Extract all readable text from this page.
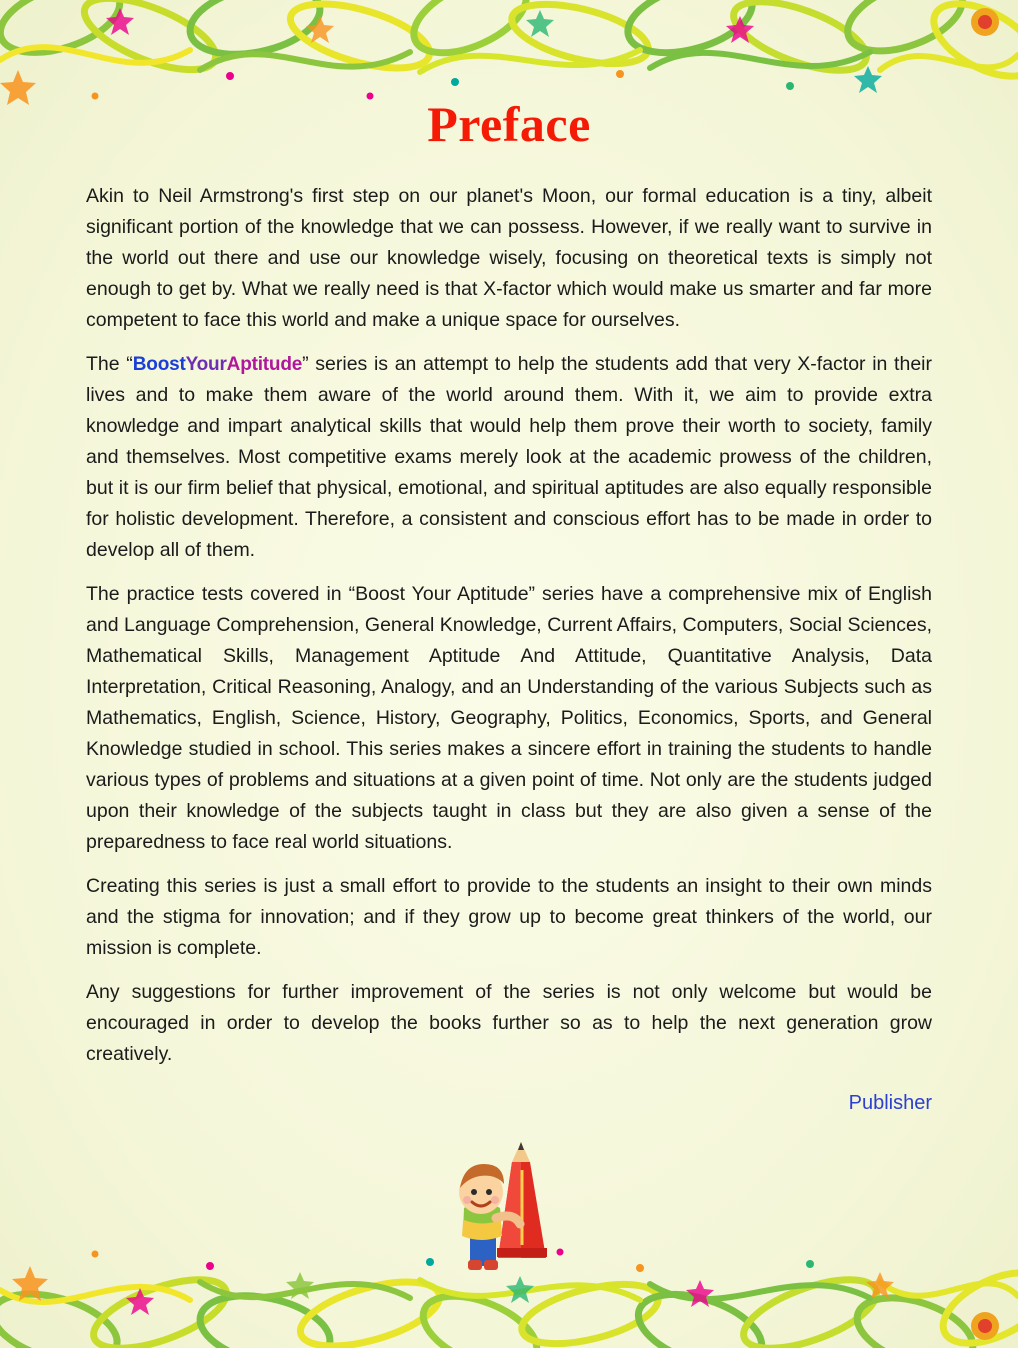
Preface

Akin to Neil Armstrong's first step on our planet's Moon, our formal education is a tiny, albeit significant portion of the knowledge that we can possess. However, if we really want to survive in the world out there and use our knowledge wisely, focusing on theoretical texts is simply not enough to get by. What we really need is that X-factor which would make us smarter and far more competent to face this world and make a unique space for ourselves.

The “BoostYourAptitude” series is an attempt to help the students add that very X-factor in their lives and to make them aware of the world around them. With it, we aim to provide extra knowledge and impart analytical skills that would help them prove their worth to society, family and themselves. Most competitive exams merely look at the academic prowess of the children, but it is our firm belief that physical, emotional, and spiritual aptitudes are also equally responsible for holistic development. Therefore, a consistent and conscious effort has to be made in order to develop all of them.

The practice tests covered in “Boost Your Aptitude” series have a comprehensive mix of English and Language Comprehension, General Knowledge, Current Affairs, Computers, Social Sciences, Mathematical Skills, Management Aptitude And Attitude, Quantitative Analysis, Data Interpretation, Critical Reasoning, Analogy, and an Understanding of the various Subjects such as Mathematics, English, Science, History, Geography, Politics, Economics, Sports, and General Knowledge studied in school. This series makes a sincere effort in training the students to handle various types of problems and situations at a given point of time. Not only are the students judged upon their knowledge of the subjects taught in class but they are also given a sense of the preparedness to face real world situations.

Creating this series is just a small effort to provide to the students an insight to their own minds and the stigma for innovation; and if they grow up to become great thinkers of the world, our mission is complete.

Any suggestions for further improvement of the series is not only welcome but would be encouraged in order to develop the books further so as to help the next generation grow creatively.

Publisher
